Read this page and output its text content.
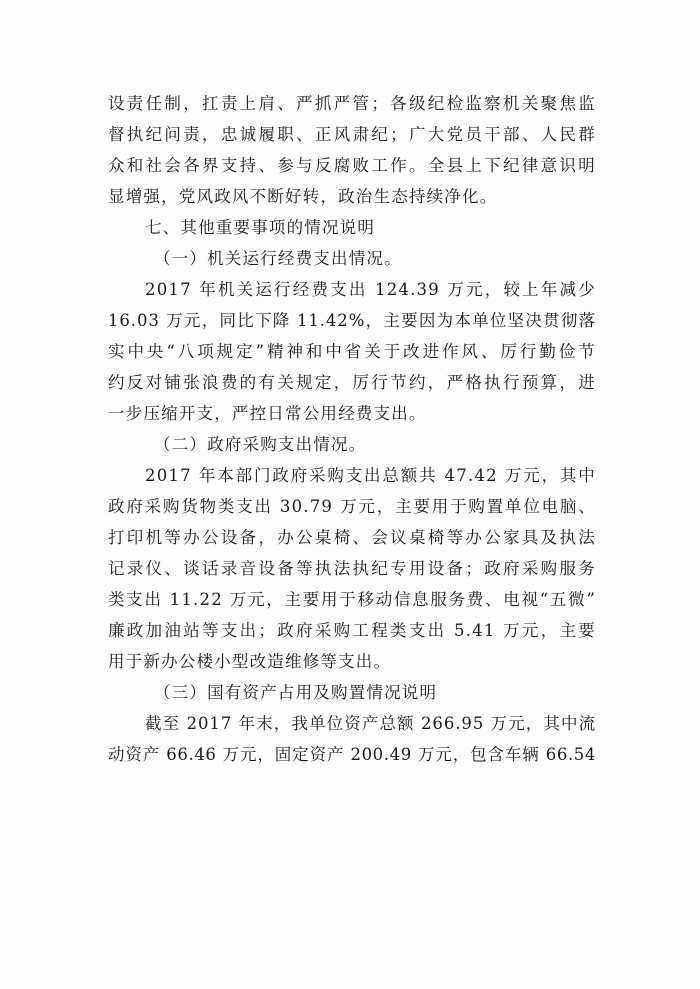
设责任制，扛责上肩、严抓严管；各级纪检监察机关聚焦监
督执纪问责，忠诚履职、正风肃纪；广大党员干部、人民群
众和社会各界支持、参与反腐败工作。全县上下纪律意识明
显增强，党风政风不断好转，政治生态持续净化。
七、其他重要事项的情况说明
（一）机关运行经费支出情况。
2017 年机关运行经费支出 124.39 万元，较上年减少
16.03 万元，同比下降 11.42%，主要因为本单位坚决贯彻落
实中央“八项规定”精神和中省关于改进作风、厉行勤俭节
约反对铺张浪费的有关规定，厉行节约，严格执行预算，进
一步压缩开支，严控日常公用经费支出。
（二）政府采购支出情况。
2017 年本部门政府采购支出总额共 47.42 万元，其中
政府采购货物类支出 30.79 万元，主要用于购置单位电脑、
打印机等办公设备，办公桌椅、会议桌椅等办公家具及执法
记录仪、谈话录音设备等执法执纪专用设备；政府采购服务
类支出 11.22 万元，主要用于移动信息服务费、电视“五微”
廉政加油站等支出；政府采购工程类支出 5.41 万元，主要
用于新办公楼小型改造维修等支出。
（三）国有资产占用及购置情况说明
截至 2017 年末，我单位资产总额 266.95 万元，其中流
动资产 66.46 万元，固定资产 200.49 万元，包含车辆 66.54
